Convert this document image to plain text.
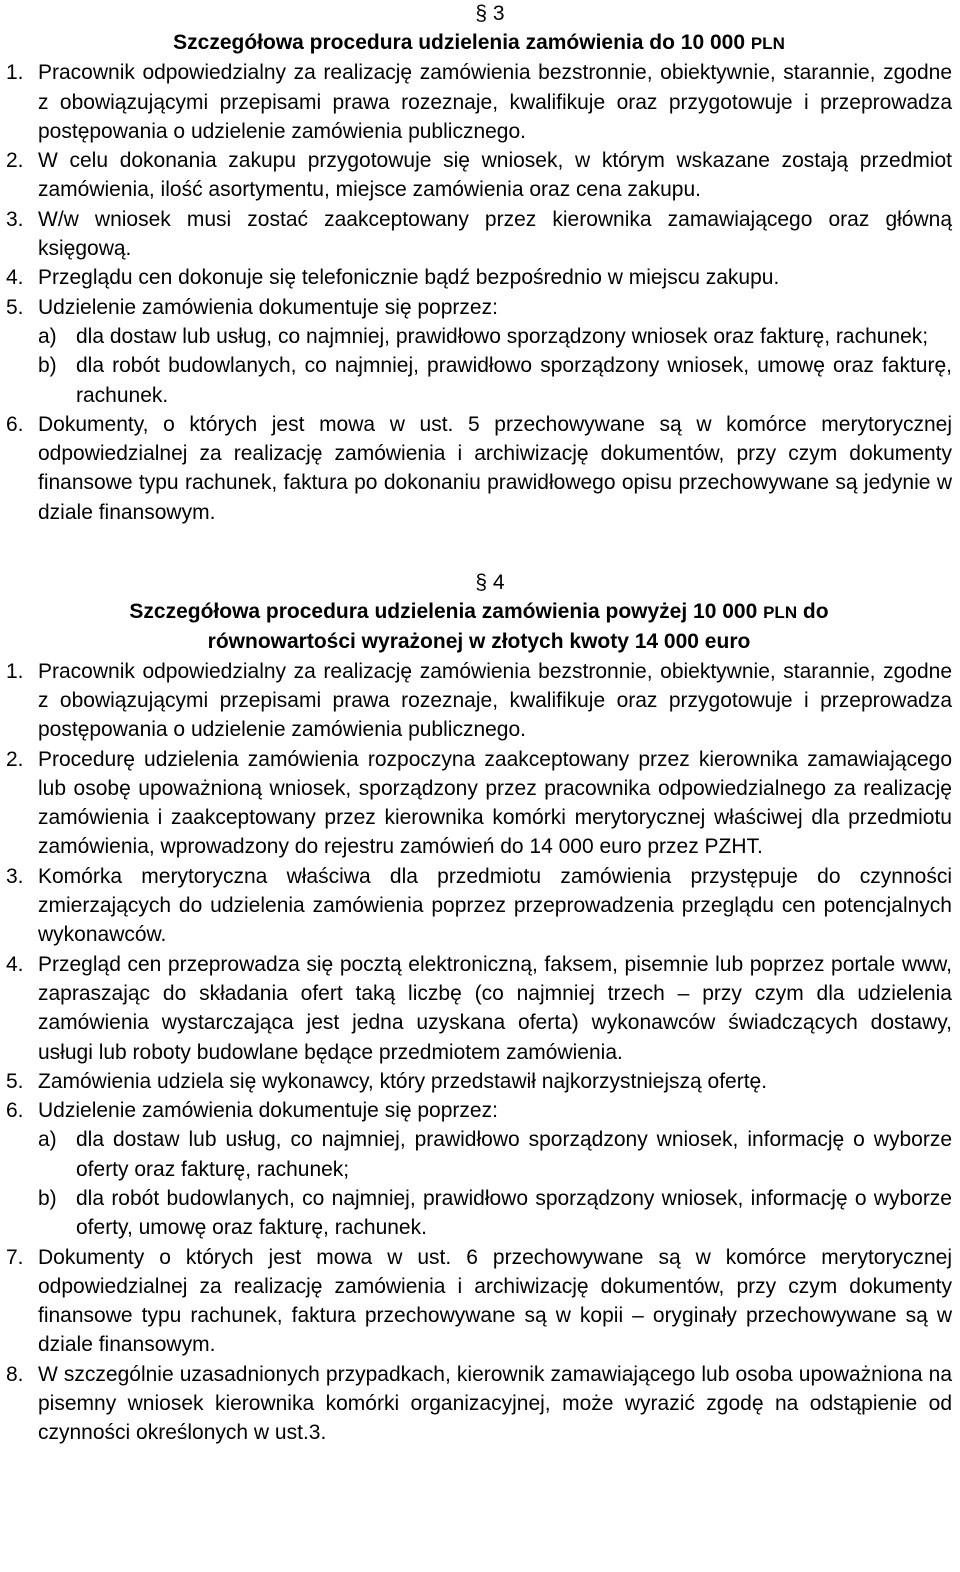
§ 3

Szczegółowa procedura udzielenia zamówienia do 10 000 PLN

1. Pracownik odpowiedzialny za realizację zamówienia bezstronnie, obiektywnie, starannie, zgodne z obowiązującymi przepisami prawa rozeznaje, kwalifikuje oraz przygotowuje i przeprowadza postępowania o udzielenie zamówienia publicznego.
2. W celu dokonania zakupu przygotowuje się wniosek, w którym wskazane zostają przedmiot zamówienia, ilość asortymentu, miejsce zamówienia oraz cena zakupu.
3. W/w wniosek musi zostać zaakceptowany przez kierownika zamawiającego oraz główną księgową.
4. Przeglądu cen dokonuje się telefonicznie bądź bezpośrednio w miejscu zakupu.
5. Udzielenie zamówienia dokumentuje się poprzez:
a) dla dostaw lub usług, co najmniej, prawidłowo sporządzony wniosek oraz fakturę, rachunek;
b) dla robót budowlanych, co najmniej, prawidłowo sporządzony wniosek, umowę oraz fakturę, rachunek.
6. Dokumenty, o których jest mowa w ust. 5 przechowywane są w komórce merytorycznej odpowiedzialnej za realizację zamówienia i archiwizację dokumentów, przy czym dokumenty finansowe typu rachunek, faktura po dokonaniu prawidłowego opisu przechowywane są jedynie w dziale finansowym.
§ 4

Szczegółowa procedura udzielenia zamówienia powyżej 10 000 PLN do
równowartości wyrażonej w złotych kwoty 14 000 euro

1. Pracownik odpowiedzialny za realizację zamówienia bezstronnie, obiektywnie, starannie, zgodne z obowiązującymi przepisami prawa rozeznaje, kwalifikuje oraz przygotowuje i przeprowadza postępowania o udzielenie zamówienia publicznego.
2. Procedurę udzielenia zamówienia rozpoczyna zaakceptowany przez kierownika zamawiającego lub osobę upoważnioną wniosek, sporządzony przez pracownika odpowiedzialnego za realizację zamówienia i zaakceptowany przez kierownika komórki merytorycznej właściwej dla przedmiotu zamówienia, wprowadzony do rejestru zamówień do 14 000 euro przez PZHT.
3. Komórka merytoryczna właściwa dla przedmiotu zamówienia przystępuje do czynności zmierzających do udzielenia zamówienia poprzez przeprowadzenia przeglądu cen potencjalnych wykonawców.
4. Przegląd cen przeprowadza się pocztą elektroniczną, faksem, pisemnie lub poprzez portale www, zapraszając do składania ofert taką liczbę (co najmniej trzech – przy czym dla udzielenia zamówienia wystarczająca jest jedna uzyskana oferta) wykonawców świadczących dostawy, usługi lub roboty budowlane będące przedmiotem zamówienia.
5. Zamówienia udziela się wykonawcy, który przedstawił najkorzystniejszą ofertę.
6. Udzielenie zamówienia dokumentuje się poprzez:
a) dla dostaw lub usług, co najmniej, prawidłowo sporządzony wniosek, informację o wyborze oferty oraz fakturę, rachunek;
b) dla robót budowlanych, co najmniej, prawidłowo sporządzony wniosek, informację o wyborze oferty, umowę oraz fakturę, rachunek.
7. Dokumenty o których jest mowa w ust. 6 przechowywane są w komórce merytorycznej odpowiedzialnej za realizację zamówienia i archiwizację dokumentów, przy czym dokumenty finansowe typu rachunek, faktura przechowywane są w kopii – oryginały przechowywane są w dziale finansowym.
8. W szczególnie uzasadnionych przypadkach, kierownik zamawiającego lub osoba upoważniona na pisemny wniosek kierownika komórki organizacyjnej, może wyrazić zgodę na odstąpienie od czynności określonych w ust.3.
